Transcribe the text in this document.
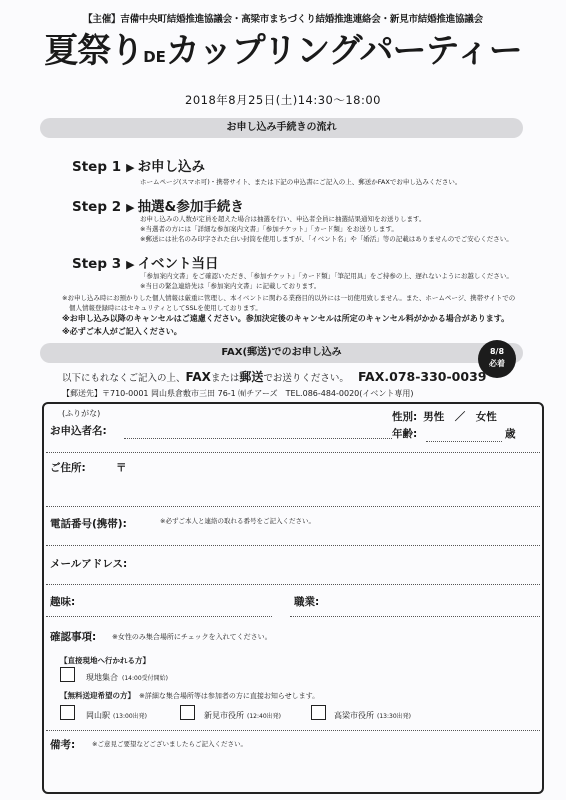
【主催】吉備中央町結婚推進協議会・高梁市まちづくり結婚推進連絡会・新見市結婚推進協議会
夏祭りDEカップリングパーティー
2018年8月25日(土)14:30～18:00
お申し込み手続きの流れ
Step 1 ▶ お申し込み
ホームページ(スマホ可)・携帯サイト、または下記の申込書にご記入の上、郵送かFAXでお申し込みください。
Step 2 ▶ 抽選&参加手続き
お申し込みの人数が定員を超えた場合は抽選を行い、申込者全員に抽選結果通知をお送りします。
※当選者の方には「詳細な参加案内文書」「参加チケット」「カード類」をお送りします。
※郵送には社名のみ印字された白い封筒を使用しますが、「イベント名」や「婚活」等の記載はありませんのでご安心ください。
Step 3 ▶ イベント当日
「参加案内文書」をご確認いただき、「参加チケット」「カード類」「筆記用具」をご持参の上、遅れないようにお越しください。
※当日の緊急連絡先は「参加案内文書」に記載しております。
※お申し込み時にお預かりした個人情報は厳重に管理し、本イベントに関わる業務目的以外には一切使用致しません。また、ホームページ、携帯サイトでの
個人情報登録時にはセキュリティとしてSSLを使用しております。
※お申し込み以降のキャンセルはご遠慮ください。参加決定後のキャンセルは所定のキャンセル料がかかる場合があります。
※必ずご本人がご記入ください。
FAX(郵送)でのお申し込み	8/8
必着
以下にもれなくご記入の上、FAXまたは郵送でお送りください。 FAX.078-330-0039
【郵送先】〒710-0001 岡山県倉敷市三田 76-1 ㈲チアーズ　TEL.086-484-0020(イベント専用)
(ふりがな)
お申込者名:
性別: 男性　／　女性
年齢:	歳
ご住所:	〒
電話番号(携帯):	※必ずご本人と連絡の取れる番号をご記入ください。
メールアドレス:
趣味:	職業:
確認事項: ※女性のみ集合場所にチェックを入れてください。
【直接現地へ行かれる方】
現地集合 (14:00受付開始)
【無料送迎希望の方】 ※詳細な集合場所等は参加者の方に直接お知らせします。
岡山駅 (13:00出発)	新見市役所 (12:40出発)	高梁市役所 (13:30出発)
備考:	※ご意見ご要望などございましたらご記入ください。
